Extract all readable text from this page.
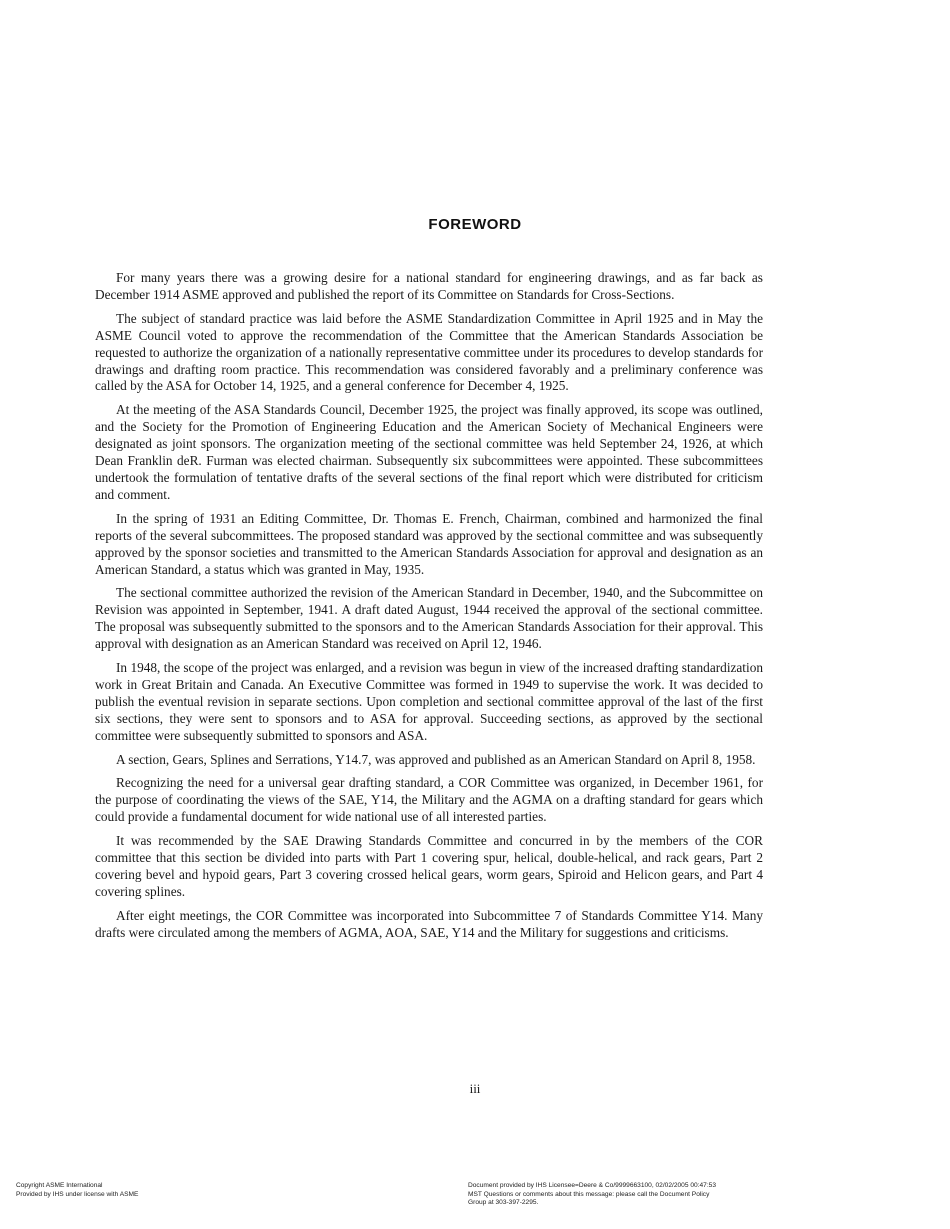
FOREWORD

For many years there was a growing desire for a national standard for engineering drawings, and as far back as December 1914 ASME approved and published the report of its Committee on Standards for Cross-Sections.

The subject of standard practice was laid before the ASME Standardization Committee in April 1925 and in May the ASME Council voted to approve the recommendation of the Committee that the American Standards Association be requested to authorize the organization of a nationally representative committee under its procedures to develop standards for drawings and drafting room practice. This recommendation was considered favorably and a preliminary conference was called by the ASA for October 14, 1925, and a general conference for December 4, 1925.

At the meeting of the ASA Standards Council, December 1925, the project was finally approved, its scope was outlined, and the Society for the Promotion of Engineering Education and the American Society of Mechanical Engineers were designated as joint sponsors. The organization meeting of the sectional committee was held September 24, 1926, at which Dean Franklin deR. Furman was elected chairman. Subsequently six subcommittees were appointed. These subcommittees undertook the formulation of tentative drafts of the several sections of the final report which were distributed for criticism and comment.

In the spring of 1931 an Editing Committee, Dr. Thomas E. French, Chairman, combined and harmonized the final reports of the several subcommittees. The proposed standard was approved by the sectional committee and was subsequently approved by the sponsor societies and transmitted to the American Standards Association for approval and designation as an American Standard, a status which was granted in May, 1935.

The sectional committee authorized the revision of the American Standard in December, 1940, and the Subcommittee on Revision was appointed in September, 1941. A draft dated August, 1944 received the approval of the sectional committee. The proposal was subsequently submitted to the sponsors and to the American Standards Association for their approval. This approval with designation as an American Standard was received on April 12, 1946.

In 1948, the scope of the project was enlarged, and a revision was begun in view of the increased drafting standardization work in Great Britain and Canada. An Executive Committee was formed in 1949 to supervise the work. It was decided to publish the eventual revision in separate sections. Upon completion and sectional committee approval of the last of the first six sections, they were sent to sponsors and to ASA for approval. Succeeding sections, as approved by the sectional committee were subsequently submitted to sponsors and ASA.

A section, Gears, Splines and Serrations, Y14.7, was approved and published as an American Standard on April 8, 1958.

Recognizing the need for a universal gear drafting standard, a COR Committee was organized, in December 1961, for the purpose of coordinating the views of the SAE, Y14, the Military and the AGMA on a drafting standard for gears which could provide a fundamental document for wide national use of all interested parties.

It was recommended by the SAE Drawing Standards Committee and concurred in by the members of the COR committee that this section be divided into parts with Part 1 covering spur, helical, double-helical, and rack gears, Part 2 covering bevel and hypoid gears, Part 3 covering crossed helical gears, worm gears, Spiroid and Helicon gears, and Part 4 covering splines.

After eight meetings, the COR Committee was incorporated into Subcommittee 7 of Standards Committee Y14. Many drafts were circulated among the members of AGMA, AOA, SAE, Y14 and the Military for suggestions and criticisms.

iii
Copyright ASME International
Provided by IHS under license with ASME
Document provided by IHS Licensee=Deere & Co/9999663100, 02/02/2005 00:47:53
MST Questions or comments about this message: please call the Document Policy
Group at 303-397-2295.
